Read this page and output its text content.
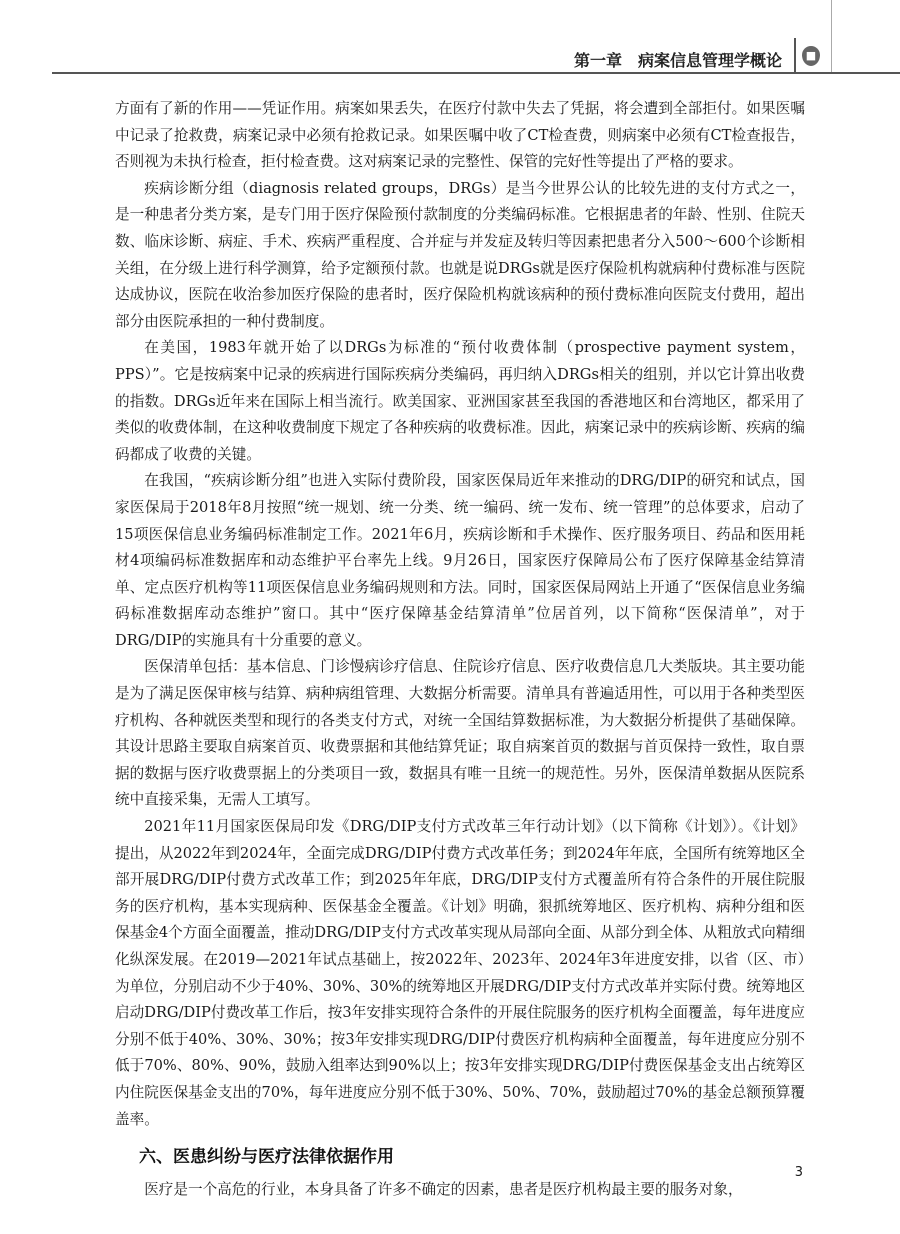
第一章　病案信息管理学概论	■

方面有了新的作用——凭证作用。病案如果丢失，在医疗付款中失去了凭据，将会遭到全部拒付。如果医嘱中记录了抢救费，病案记录中必须有抢救记录。如果医嘱中收了CT检查费，则病案中必须有CT检查报告，否则视为未执行检查，拒付检查费。这对病案记录的完整性、保管的完好性等提出了严格的要求。

疾病诊断分组（diagnosis related groups，DRGs）是当今世界公认的比较先进的支付方式之一，是一种患者分类方案，是专门用于医疗保险预付款制度的分类编码标准。它根据患者的年龄、性别、住院天数、临床诊断、病症、手术、疾病严重程度、合并症与并发症及转归等因素把患者分入500～600个诊断相关组，在分级上进行科学测算，给予定额预付款。也就是说DRGs就是医疗保险机构就病种付费标准与医院达成协议，医院在收治参加医疗保险的患者时，医疗保险机构就该病种的预付费标准向医院支付费用，超出部分由医院承担的一种付费制度。

在美国，1983年就开始了以DRGs为标准的“预付收费体制（prospective payment system，PPS）”。它是按病案中记录的疾病进行国际疾病分类编码，再归纳入DRGs相关的组别，并以它计算出收费的指数。DRGs近年来在国际上相当流行。欧美国家、亚洲国家甚至我国的香港地区和台湾地区，都采用了类似的收费体制，在这种收费制度下规定了各种疾病的收费标准。因此，病案记录中的疾病诊断、疾病的编码都成了收费的关键。

在我国，“疾病诊断分组”也进入实际付费阶段，国家医保局近年来推动的DRG/DIP的研究和试点，国家医保局于2018年8月按照“统一规划、统一分类、统一编码、统一发布、统一管理”的总体要求，启动了15项医保信息业务编码标准制定工作。2021年6月，疾病诊断和手术操作、医疗服务项目、药品和医用耗材4项编码标准数据库和动态维护平台率先上线。9月26日，国家医疗保障局公布了医疗保障基金结算清单、定点医疗机构等11项医保信息业务编码规则和方法。同时，国家医保局网站上开通了“医保信息业务编码标准数据库动态维护”窗口。其中“医疗保障基金结算清单”位居首列，以下简称“医保清单”，对于DRG/DIP的实施具有十分重要的意义。

医保清单包括：基本信息、门诊慢病诊疗信息、住院诊疗信息、医疗收费信息几大类版块。其主要功能是为了满足医保审核与结算、病种病组管理、大数据分析需要。清单具有普遍适用性，可以用于各种类型医疗机构、各种就医类型和现行的各类支付方式，对统一全国结算数据标准，为大数据分析提供了基础保障。其设计思路主要取自病案首页、收费票据和其他结算凭证；取自病案首页的数据与首页保持一致性，取自票据的数据与医疗收费票据上的分类项目一致，数据具有唯一且统一的规范性。另外，医保清单数据从医院系统中直接采集，无需人工填写。

2021年11月国家医保局印发《DRG/DIP支付方式改革三年行动计划》（以下简称《计划》）。《计划》提出，从2022年到2024年，全面完成DRG/DIP付费方式改革任务；到2024年年底，全国所有统筹地区全部开展DRG/DIP付费方式改革工作；到2025年年底，DRG/DIP支付方式覆盖所有符合条件的开展住院服务的医疗机构，基本实现病种、医保基金全覆盖。《计划》明确，狠抓统筹地区、医疗机构、病种分组和医保基金4个方面全面覆盖，推动DRG/DIP支付方式改革实现从局部向全面、从部分到全体、从粗放式向精细化纵深发展。在2019—2021年试点基础上，按2022年、2023年、2024年3年进度安排，以省（区、市）为单位，分别启动不少于40%、30%、30%的统筹地区开展DRG/DIP支付方式改革并实际付费。统筹地区启动DRG/DIP付费改革工作后，按3年安排实现符合条件的开展住院服务的医疗机构全面覆盖，每年进度应分别不低于40%、30%、30%；按3年安排实现DRG/DIP付费医疗机构病种全面覆盖，每年进度应分别不低于70%、80%、90%，鼓励入组率达到90%以上；按3年安排实现DRG/DIP付费医保基金支出占统筹区内住院医保基金支出的70%，每年进度应分别不低于30%、50%、70%，鼓励超过70%的基金总额预算覆盖率。

六、医患纠纷与医疗法律依据作用

医疗是一个高危的行业，本身具备了许多不确定的因素，患者是医疗机构最主要的服务对象，

3
